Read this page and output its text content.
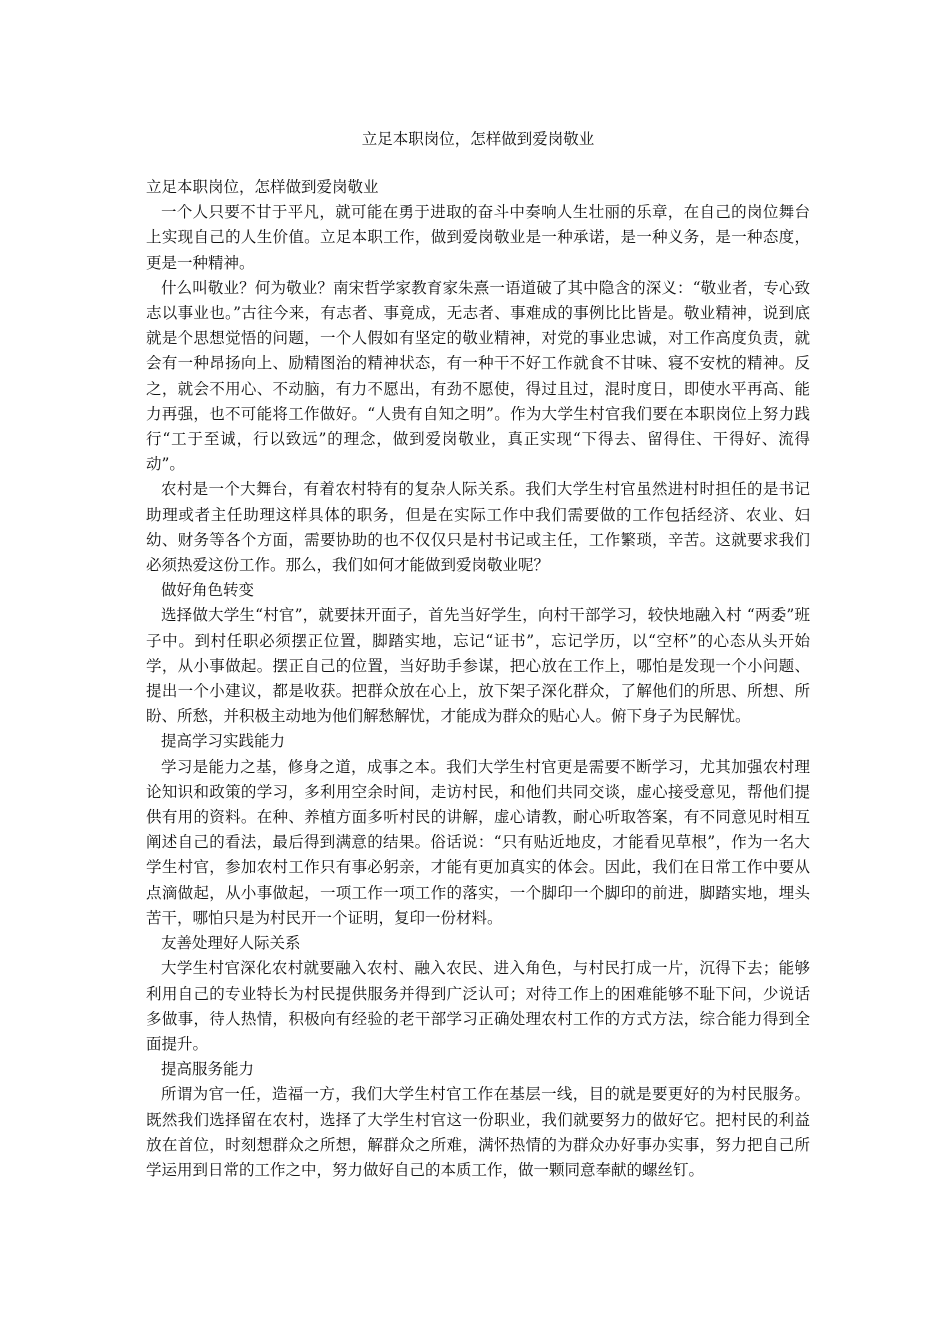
立足本职岗位，怎样做到爱岗敬业

立足本职岗位，怎样做到爱岗敬业

一个人只要不甘于平凡，就可能在勇于进取的奋斗中奏响人生壮丽的乐章，在自己的岗位舞台上实现自己的人生价值。立足本职工作，做到爱岗敬业是一种承诺，是一种义务，是一种态度，更是一种精神。

什么叫敬业？何为敬业？南宋哲学家教育家朱熹一语道破了其中隐含的深义：“敬业者，专心致志以事业也。”古往今来，有志者、事竟成，无志者、事难成的事例比比皆是。敬业精神，说到底就是个思想觉悟的问题，一个人假如有坚定的敬业精神，对党的事业忠诚，对工作高度负责，就会有一种昂扬向上、励精图治的精神状态，有一种干不好工作就食不甘味、寝不安枕的精神。反之，就会不用心、不动脑，有力不愿出，有劲不愿使，得过且过，混时度日，即使水平再高、能力再强，也不可能将工作做好。“人贵有自知之明”。作为大学生村官我们要在本职岗位上努力践行“工于至诚，行以致远”的理念，做到爱岗敬业，真正实现“下得去、留得住、干得好、流得动”。

农村是一个大舞台，有着农村特有的复杂人际关系。我们大学生村官虽然进村时担任的是书记助理或者主任助理这样具体的职务，但是在实际工作中我们需要做的工作包括经济、农业、妇幼、财务等各个方面，需要协助的也不仅仅只是村书记或主任，工作繁琐，辛苦。这就要求我们必须热爱这份工作。那么，我们如何才能做到爱岗敬业呢？

做好角色转变

选择做大学生“村官”，就要抹开面子，首先当好学生，向村干部学习，较快地融入村 “两委”班子中。到村任职必须摆正位置，脚踏实地，忘记“证书”，忘记学历，以“空杯”的心态从头开始学，从小事做起。摆正自己的位置，当好助手参谋，把心放在工作上，哪怕是发现一个小问题、提出一个小建议，都是收获。把群众放在心上，放下架子深化群众，了解他们的所思、所想、所盼、所愁，并积极主动地为他们解愁解忧，才能成为群众的贴心人。俯下身子为民解忧。

提高学习实践能力

学习是能力之基，修身之道，成事之本。我们大学生村官更是需要不断学习，尤其加强农村理论知识和政策的学习，多利用空余时间，走访村民，和他们共同交谈，虚心接受意见，帮他们提供有用的资料。在种、养植方面多听村民的讲解，虚心请教，耐心听取答案，有不同意见时相互阐述自己的看法，最后得到满意的结果。俗话说：“只有贴近地皮，才能看见草根”，作为一名大学生村官，参加农村工作只有事必躬亲，才能有更加真实的体会。因此，我们在日常工作中要从点滴做起，从小事做起，一项工作一项工作的落实，一个脚印一个脚印的前进，脚踏实地，埋头苦干，哪怕只是为村民开一个证明，复印一份材料。

友善处理好人际关系

大学生村官深化农村就要融入农村、融入农民、进入角色，与村民打成一片，沉得下去；能够利用自己的专业特长为村民提供服务并得到广泛认可；对待工作上的困难能够不耻下问，少说话多做事，待人热情，积极向有经验的老干部学习正确处理农村工作的方式方法，综合能力得到全面提升。

提高服务能力

所谓为官一任，造福一方，我们大学生村官工作在基层一线，目的就是要更好的为村民服务。既然我们选择留在农村，选择了大学生村官这一份职业，我们就要努力的做好它。把村民的利益放在首位，时刻想群众之所想，解群众之所难，满怀热情的为群众办好事办实事，努力把自己所学运用到日常的工作之中，努力做好自己的本质工作，做一颗同意奉献的螺丝钉。
